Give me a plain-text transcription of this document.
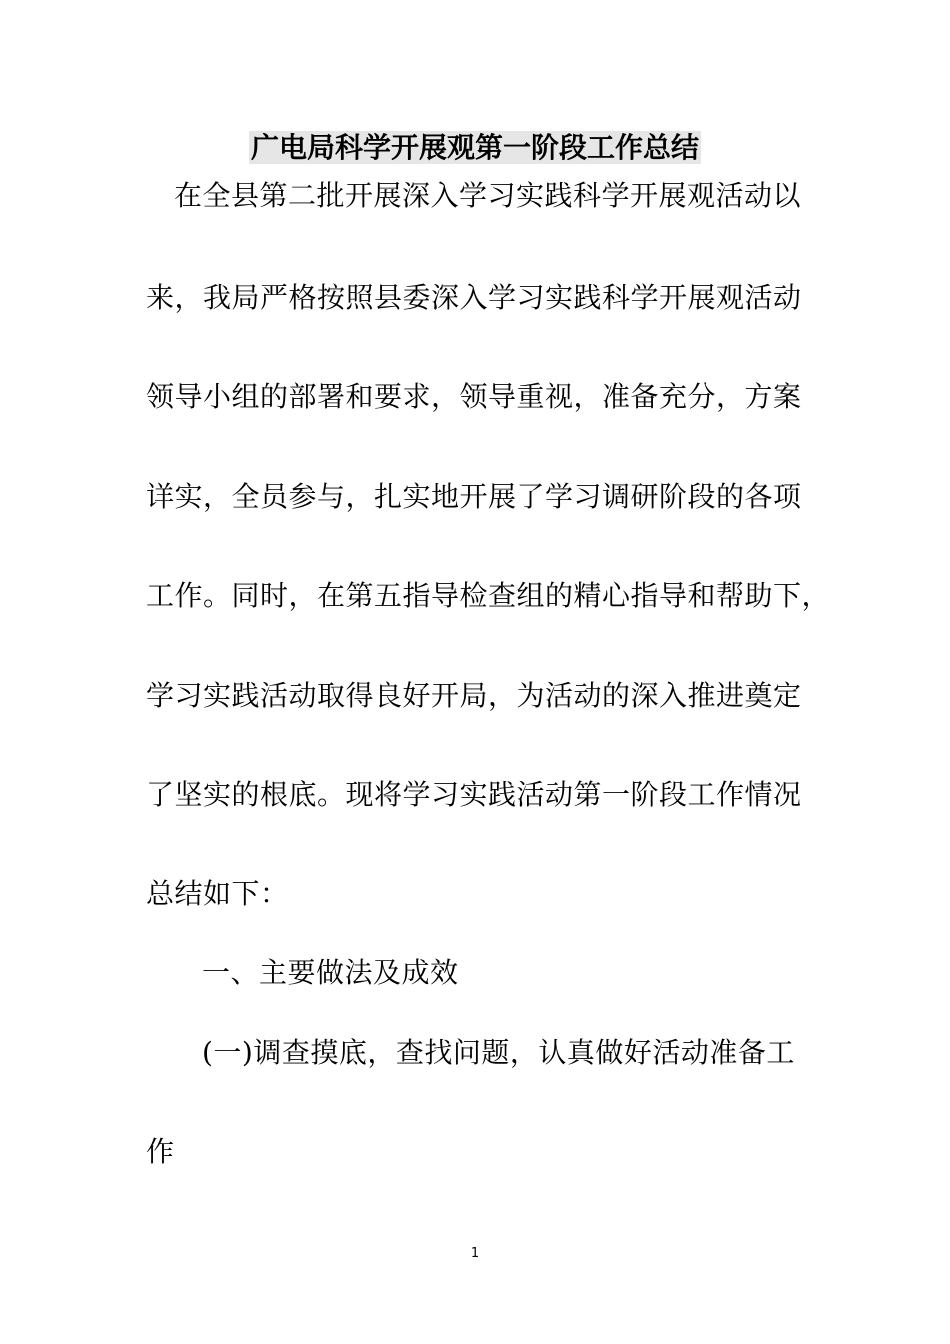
广电局科学开展观第一阶段工作总结
在全县第二批开展深入学习实践科学开展观活动以
来，我局严格按照县委深入学习实践科学开展观活动
领导小组的部署和要求，领导重视，准备充分，方案
详实，全员参与，扎实地开展了学习调研阶段的各项
工作。同时，在第五指导检查组的精心指导和帮助下，
学习实践活动取得良好开局，为活动的深入推进奠定
了坚实的根底。现将学习实践活动第一阶段工作情况
总结如下：
一、主要做法及成效
(一)调查摸底，查找问题，认真做好活动准备工
作
1
